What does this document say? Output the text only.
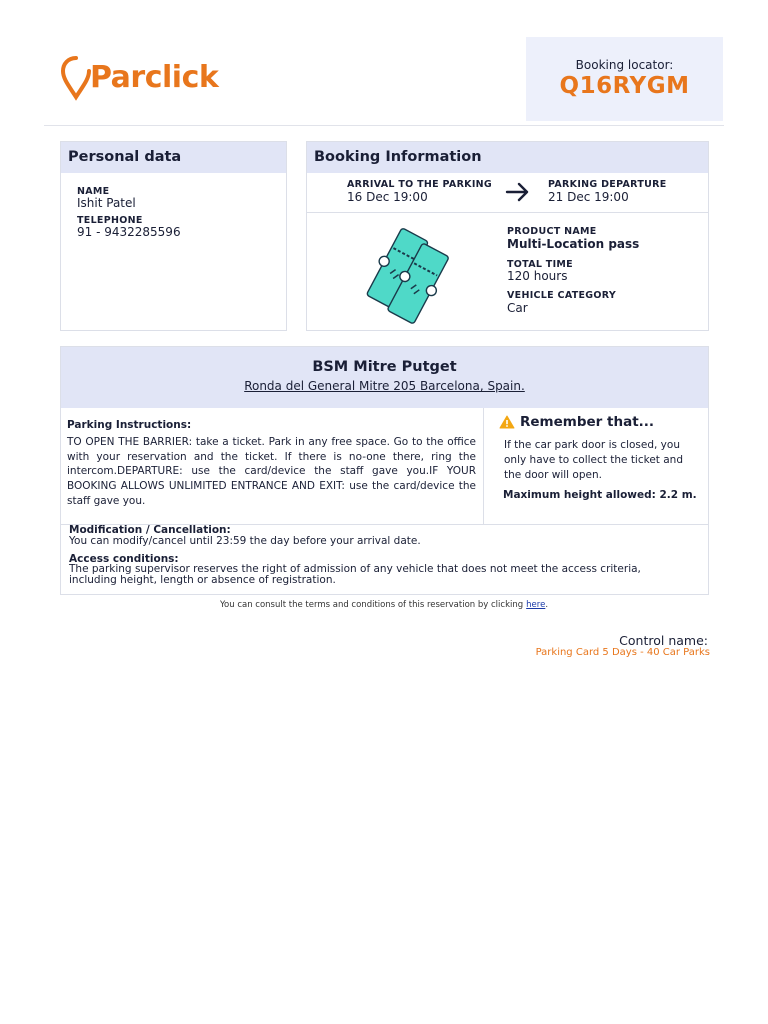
Parclick	Booking locator:
Q16RYGM
Personal data
NAME
Ishit Patel
TELEPHONE
91 - 9432285596
Booking Information
ARRIVAL TO THE PARKING
16 Dec 19:00
PARKING DEPARTURE
21 Dec 19:00
PRODUCT NAME
Multi-Location pass
TOTAL TIME
120 hours
VEHICLE CATEGORY
Car
BSM Mitre Putget
Ronda del General Mitre 205 Barcelona, Spain.
Parking Instructions:
TO OPEN THE BARRIER: take a ticket. Park in any free space. Go to the office with your reservation and the ticket. If there is no-one there, ring the intercom.DEPARTURE: use the card/device the staff gave you.IF YOUR BOOKING ALLOWS UNLIMITED ENTRANCE AND EXIT: use the card/device the staff gave you.
Remember that...
If the car park door is closed, you only have to collect the ticket and the door will open.
Maximum height allowed: 2.2 m.
Modification / Cancellation:
You can modify/cancel until 23:59 the day before your arrival date.
Access conditions:
The parking supervisor reserves the right of admission of any vehicle that does not meet the access criteria, including height, length or absence of registration.
You can consult the terms and conditions of this reservation by clicking here.
Control name:
Parking Card 5 Days - 40 Car Parks
